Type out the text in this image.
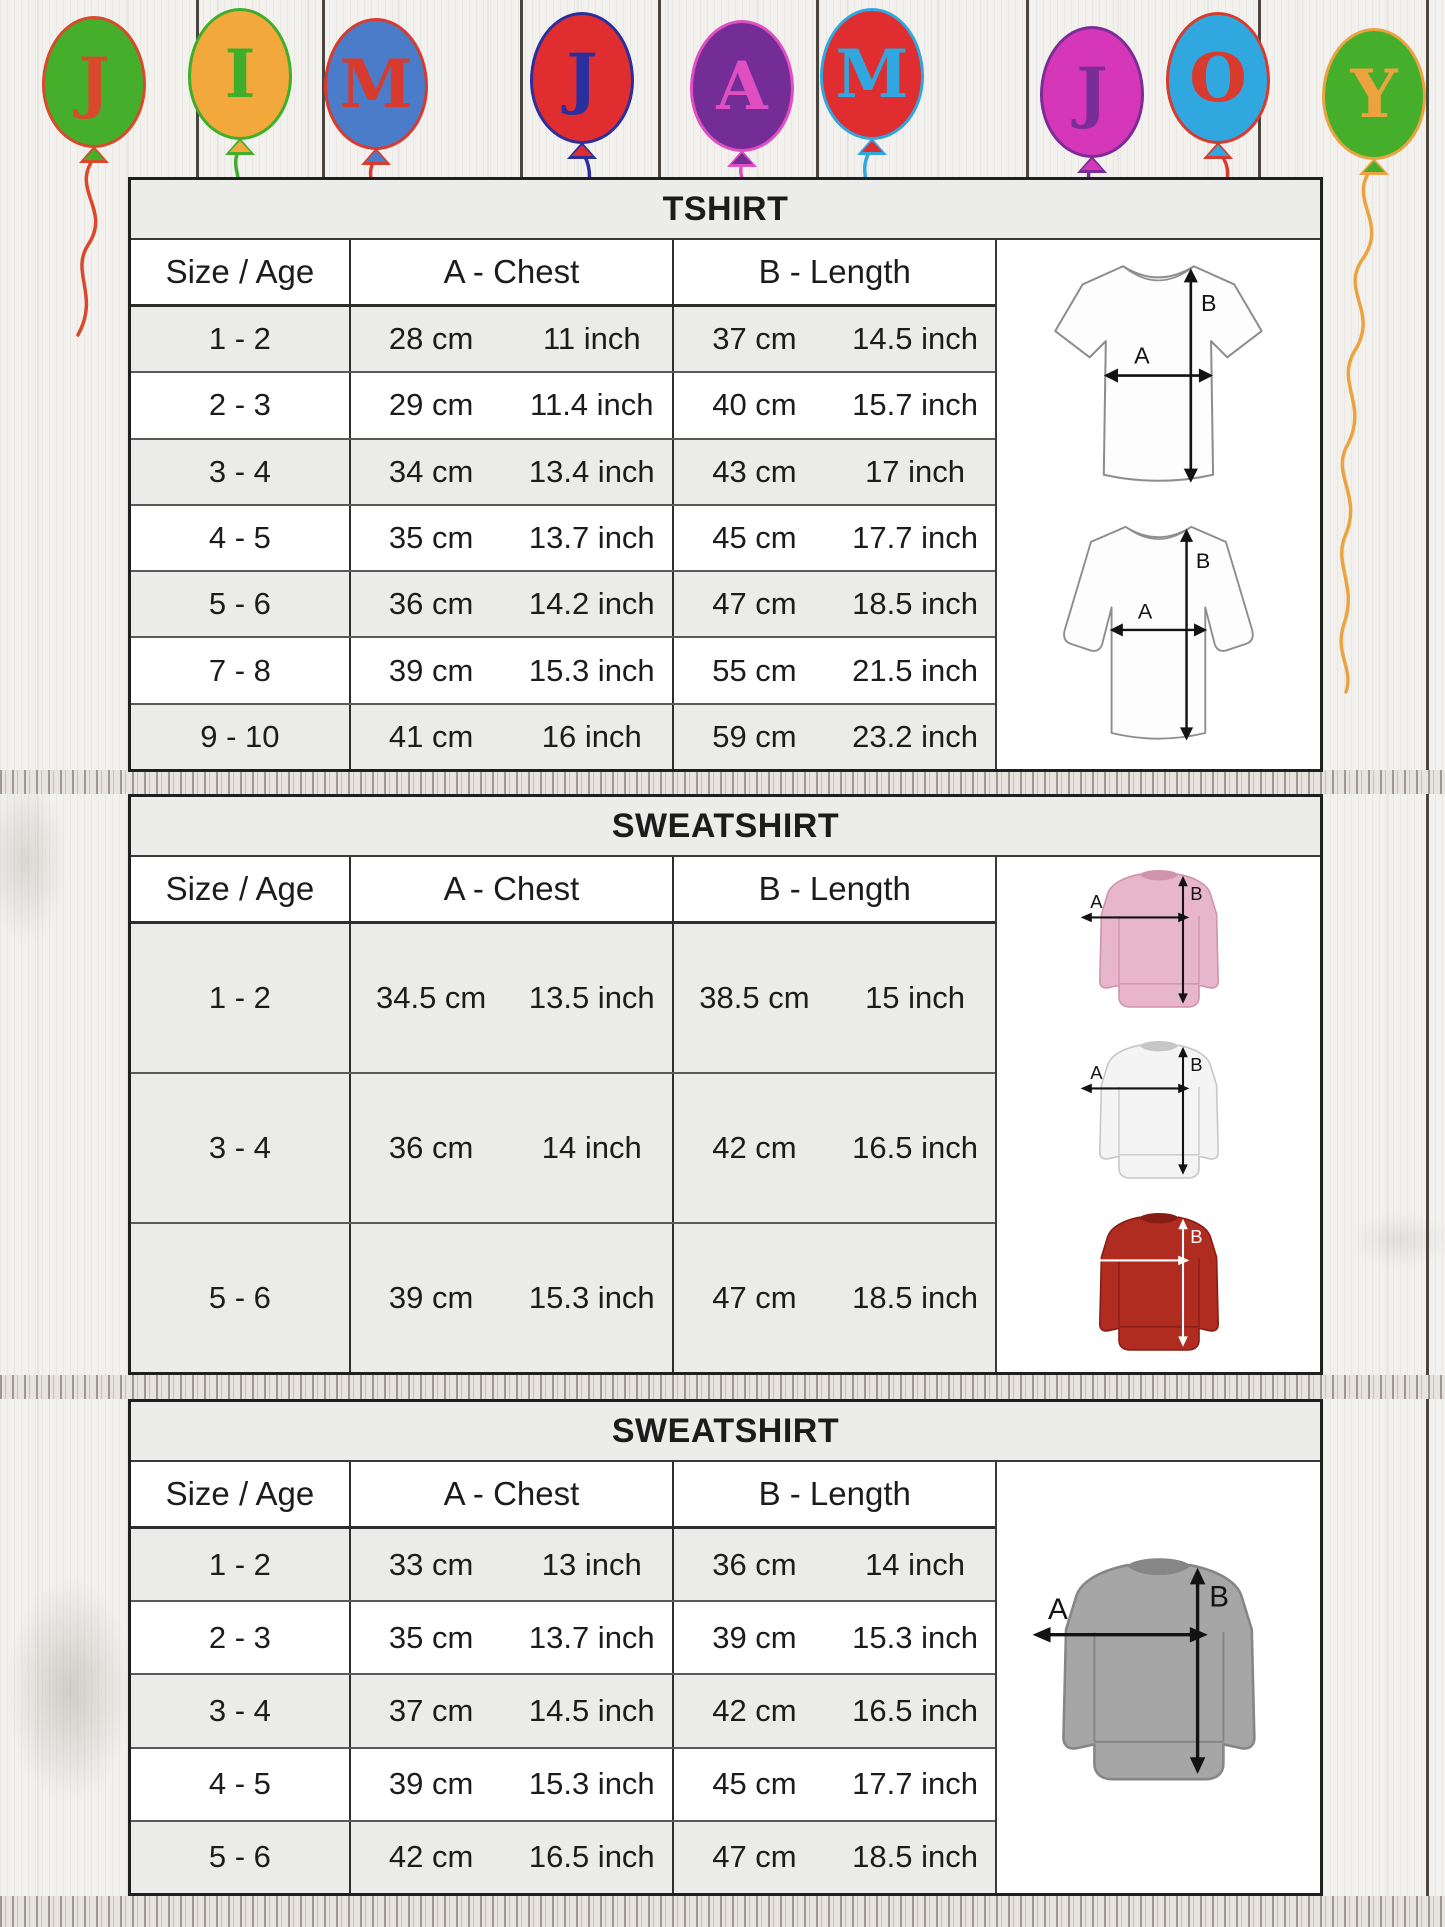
J I M J A M	J O Y
TSHIRT
Size / Age	A - Chest	B - Length
1 - 2	28 cm	11 inch	37 cm	14.5 inch
2 - 3	29 cm	11.4 inch	40 cm	15.7 inch
3 - 4	34 cm	13.4 inch	43 cm	17 inch
4 - 5	35 cm	13.7 inch	45 cm	17.7 inch
5 - 6	36 cm	14.2 inch	47 cm	18.5 inch
7 - 8	39 cm	15.3 inch	55 cm	21.5 inch
9 - 10	41 cm	16 inch	59 cm	23.2 inch
SWEATSHIRT
Size / Age	A - Chest	B - Length
1 - 2	34.5 cm	13.5 inch	38.5 cm	15 inch
3 - 4	36 cm	14 inch	42 cm	16.5 inch
5 - 6	39 cm	15.3 inch	47 cm	18.5 inch
SWEATSHIRT
Size / Age	A - Chest	B - Length
1 - 2	33 cm	13 inch	36 cm	14 inch
2 - 3	35 cm	13.7 inch	39 cm	15.3 inch
3 - 4	37 cm	14.5 inch	42 cm	16.5 inch
4 - 5	39 cm	15.3 inch	45 cm	17.7 inch
5 - 6	42 cm	16.5 inch	47 cm	18.5 inch
